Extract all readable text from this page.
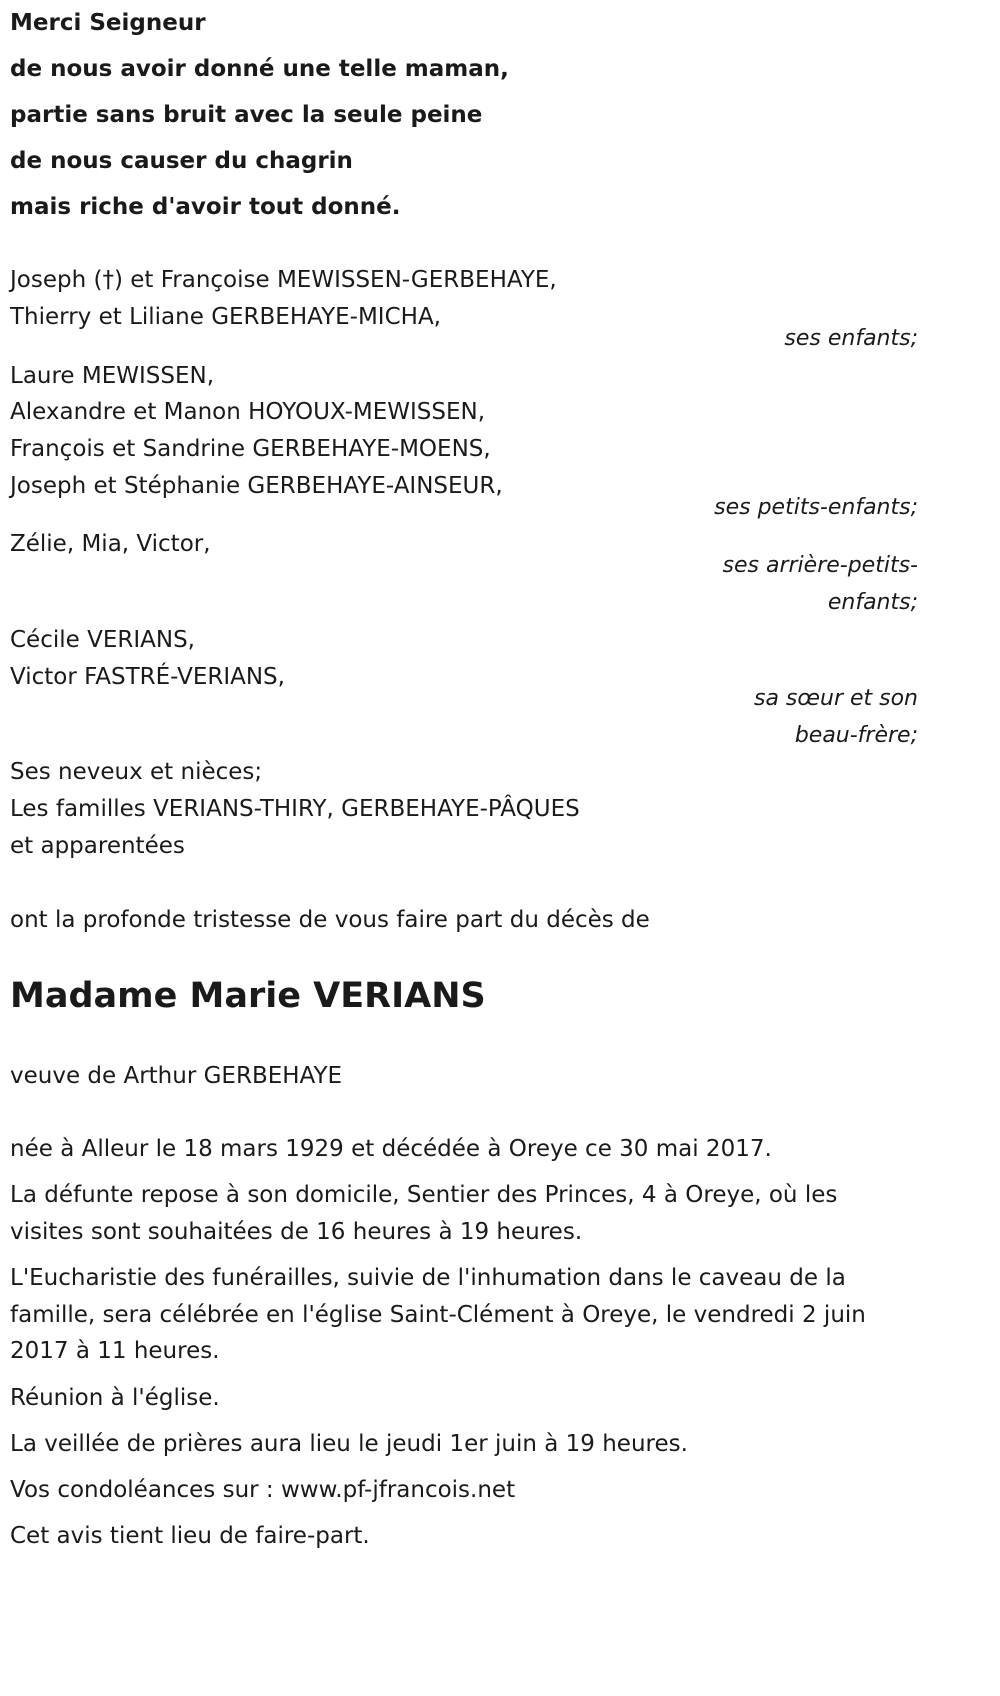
Merci Seigneur
de nous avoir donné une telle maman,
partie sans bruit avec la seule peine
de nous causer du chagrin
mais riche d'avoir tout donné.
Joseph (†) et Françoise MEWISSEN-GERBEHAYE,
Thierry et Liliane GERBEHAYE-MICHA,
ses enfants;
Laure MEWISSEN,
Alexandre et Manon HOYOUX-MEWISSEN,
François et Sandrine GERBEHAYE-MOENS,
Joseph et Stéphanie GERBEHAYE-AINSEUR,
ses petits-enfants;
Zélie, Mia, Victor,
ses arrière-petits-
enfants;
Cécile VERIANS,
Victor FASTRÉ-VERIANS,
sa sœur et son
beau-frère;
Ses neveux et nièces;
Les familles VERIANS-THIRY, GERBEHAYE-PÂQUES
et apparentées
ont la profonde tristesse de vous faire part du décès de
Madame Marie VERIANS
veuve de Arthur GERBEHAYE
née à Alleur le 18 mars 1929 et décédée à Oreye ce 30 mai 2017.
La défunte repose à son domicile, Sentier des Princes, 4 à Oreye, où les
visites sont souhaitées de 16 heures à 19 heures.
L'Eucharistie des funérailles, suivie de l'inhumation dans le caveau de la
famille, sera célébrée en l'église Saint-Clément à Oreye, le vendredi 2 juin
2017 à 11 heures.
Réunion à l'église.
La veillée de prières aura lieu le jeudi 1er juin à 19 heures.
Vos condoléances sur : www.pf-jfrancois.net
Cet avis tient lieu de faire-part.
